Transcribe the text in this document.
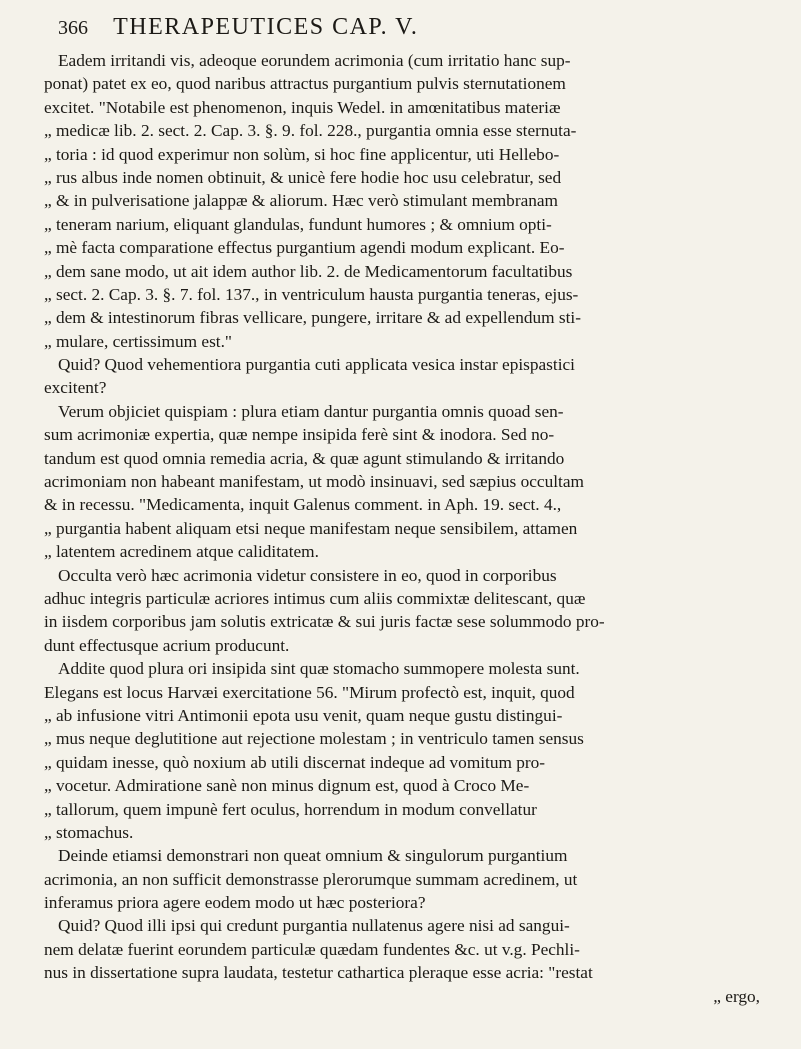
366 THERAPEUTICES CAP. V.
Eadem irritandi vis, adeoque eorundem acrimonia (cum irritatio hanc sup-
ponat) patet ex eo, quod naribus attractus purgantium pulvis sternutationem
excitet. "Notabile est phenomenon, inquis Wedel. in amœnitatibus materiæ
„ medicæ lib. 2. sect. 2. Cap. 3. §. 9. fol. 228., purgantia omnia esse sternuta-
„ toria : id quod experimur non solùm, si hoc fine applicentur, uti Hellebo-
„ rus albus inde nomen obtinuit, & unicè fere hodie hoc usu celebratur, sed
„ & in pulverisatione jalappæ & aliorum. Hæc verò stimulant membranam
„ teneram narium, eliquant glandulas, fundunt humores ; & omnium opti-
„ mè facta comparatione effectus purgantium agendi modum explicant. Eo-
„ dem sane modo, ut ait idem author lib. 2. de Medicamentorum facultatibus
„ sect. 2. Cap. 3. §. 7. fol. 137., in ventriculum hausta purgantia teneras, ejus-
„ dem & intestinorum fibras vellicare, pungere, irritare & ad expellendum sti-
„ mulare, certissimum est."
Quid? Quod vehementiora purgantia cuti applicata vesica instar epispastici
excitent?
Verum objiciet quispiam : plura etiam dantur purgantia omnis quoad sen-
sum acrimoniæ expertia, quæ nempe insipida ferè sint & inodora. Sed no-
tandum est quod omnia remedia acria, & quæ agunt stimulando & irritando
acrimoniam non habeant manifestam, ut modò insinuavi, sed sæpius occultam
& in recessu. "Medicamenta, inquit Galenus comment. in Aph. 19. sect. 4.,
„ purgantia habent aliquam etsi neque manifestam neque sensibilem, attamen
„ latentem acredinem atque caliditatem.
Occulta verò hæc acrimonia videtur consistere in eo, quod in corporibus
adhuc integris particulæ acriores intimus cum aliis commixtæ delitescant, quæ
in iisdem corporibus jam solutis extricatæ & sui juris factæ sese solummodo pro-
dunt effectusque acrium producunt.
Addite quod plura ori insipida sint quæ stomacho summopere molesta sunt.
Elegans est locus Harvæi exercitatione 56. "Mirum profectò est, inquit, quod
„ ab infusione vitri Antimonii epota usu venit, quam neque gustu distingui-
„ mus neque deglutitione aut rejectione molestam ; in ventriculo tamen sensus
„ quidam inesse, quò noxium ab utili discernat indeque ad vomitum pro-
„ vocetur. Admiratione sanè non minus dignum est, quod à Croco Me-
„ tallorum, quem impunè fert oculus, horrendum in modum convellatur
„ stomachus.
Deinde etiamsi demonstrari non queat omnium & singulorum purgantium
acrimonia, an non sufficit demonstrasse plerorumque summam acredinem, ut
inferamus priora agere eodem modo ut hæc posteriora?
Quid? Quod illi ipsi qui credunt purgantia nullatenus agere nisi ad sangui-
nem delatæ fuerint eorundem particulæ quædam fundentes &c. ut v.g. Pechli-
nus in dissertatione supra laudata, testetur cathartica pleraque esse acria: "restat
„ ergo,
